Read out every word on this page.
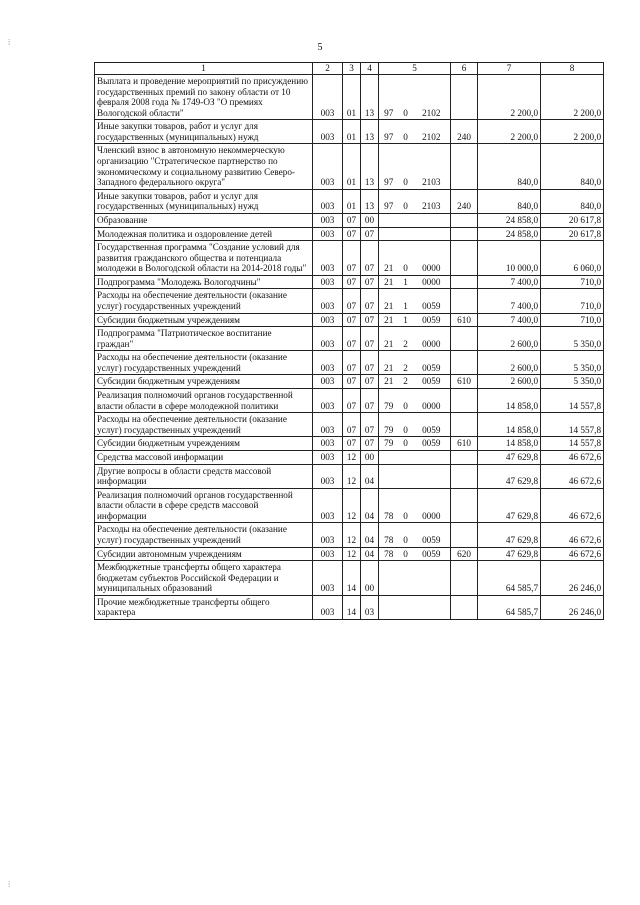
5
⁞
⁞
1	2	3	4	5			6	7	8
Выплата и проведение мероприятий по присуждению государственных премий по закону области от 10 февраля 2008 года № 1749-ОЗ "О премиях Вологодской области"	003	01	13	97	0	2102		2 200,0	2 200,0
Иные закупки товаров, работ и услуг для государственных (муниципальных) нужд	003	01	13	97	0	2102	240	2 200,0	2 200,0
Членский взнос в автономную некоммерческую организацию "Стратегическое партнерство по экономическому и социальному развитию Северо-Западного федерального округа"	003	01	13	97	0	2103		840,0	840,0
Иные закупки товаров, работ и услуг для государственных (муниципальных) нужд	003	01	13	97	0	2103	240	840,0	840,0
Образование	003	07	00					24 858,0	20 617,8
Молодежная политика и оздоровление детей	003	07	07					24 858,0	20 617,8
Государственная программа "Создание условий для развития гражданского общества и потенциала молодежи в Вологодской области на 2014-2018 годы"	003	07	07	21	0	0000		10 000,0	6 060,0
Подпрограмма "Молодежь Вологодчины"	003	07	07	21	1	0000		7 400,0	710,0
Расходы на обеспечение деятельности (оказание услуг) государственных учреждений	003	07	07	21	1	0059		7 400,0	710,0
Субсидии бюджетным учреждениям	003	07	07	21	1	0059	610	7 400,0	710,0
Подпрограмма "Патриотическое воспитание граждан"	003	07	07	21	2	0000		2 600,0	5 350,0
Расходы на обеспечение деятельности (оказание услуг) государственных учреждений	003	07	07	21	2	0059		2 600,0	5 350,0
Субсидии бюджетным учреждениям	003	07	07	21	2	0059	610	2 600,0	5 350,0
Реализация полномочий органов государственной власти области в сфере молодежной политики	003	07	07	79	0	0000		14 858,0	14 557,8
Расходы на обеспечение деятельности (оказание услуг) государственных учреждений	003	07	07	79	0	0059		14 858,0	14 557,8
Субсидии бюджетным учреждениям	003	07	07	79	0	0059	610	14 858,0	14 557,8
Средства массовой информации	003	12	00					47 629,8	46 672,6
Другие вопросы в области средств массовой информации	003	12	04					47 629,8	46 672,6
Реализация полномочий органов государственной власти области в сфере средств массовой информации	003	12	04	78	0	0000		47 629,8	46 672,6
Расходы на обеспечение деятельности (оказание услуг) государственных учреждений	003	12	04	78	0	0059		47 629,8	46 672,6
Субсидии автономным учреждениям	003	12	04	78	0	0059	620	47 629,8	46 672,6
Межбюджетные трансферты общего характера бюджетам субъектов Российской Федерации и муниципальных образований	003	14	00					64 585,7	26 246,0
Прочие межбюджетные трансферты общего характера	003	14	03					64 585,7	26 246,0
